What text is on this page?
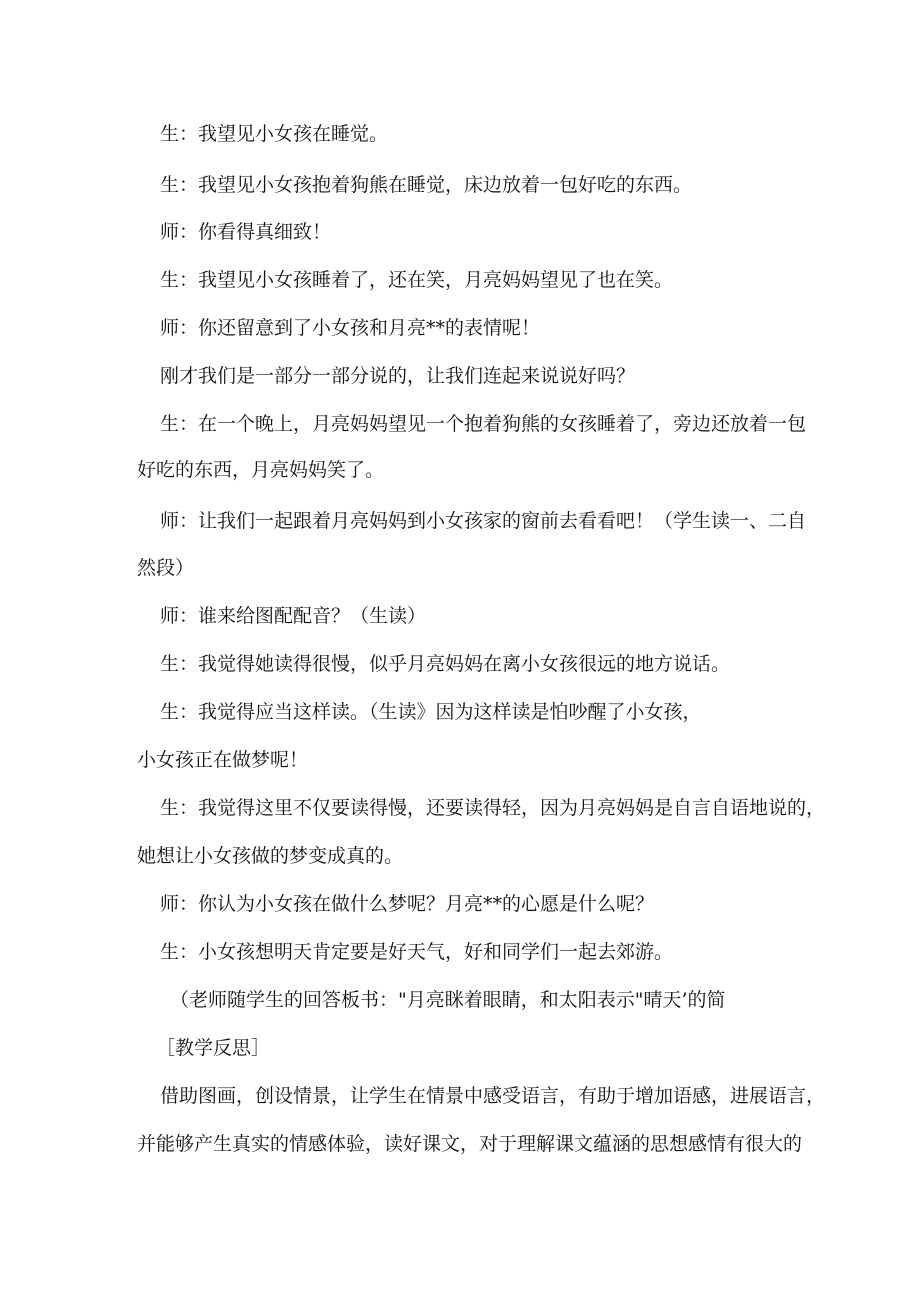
生：我望见小女孩在睡觉。

生：我望见小女孩抱着狗熊在睡觉，床边放着一包好吃的东西。

师：你看得真细致！

生：我望见小女孩睡着了，还在笑，月亮妈妈望见了也在笑。

师：你还留意到了小女孩和月亮**的表情呢！

刚才我们是一部分一部分说的，让我们连起来说说好吗？

生：在一个晚上，月亮妈妈望见一个抱着狗熊的女孩睡着了，旁边还放着一包

好吃的东西，月亮妈妈笑了。

师：让我们一起跟着月亮妈妈到小女孩家的窗前去看看吧！（学生读一、二自

然段）

师：谁来给图配配音？（生读）

生：我觉得她读得很慢，似乎月亮妈妈在离小女孩很远的地方说话。

生：我觉得应当这样读。（生读》因为这样读是怕吵醒了小女孩，

小女孩正在做梦呢！

生：我觉得这里不仅要读得慢，还要读得轻，因为月亮妈妈是自言自语地说的，

她想让小女孩做的梦变成真的。

师：你认为小女孩在做什么梦呢？月亮**的心愿是什么呢？

生：小女孩想明天肯定要是好天气，好和同学们一起去郊游。

（老师随学生的回答板书："月亮眯着眼睛，和太阳表示"晴天’的简

［教学反思］

借助图画，创设情景，让学生在情景中感受语言，有助于增加语感，进展语言，

并能够产生真实的情感体验，读好课文，对于理解课文蕴涵的思想感情有很大的
